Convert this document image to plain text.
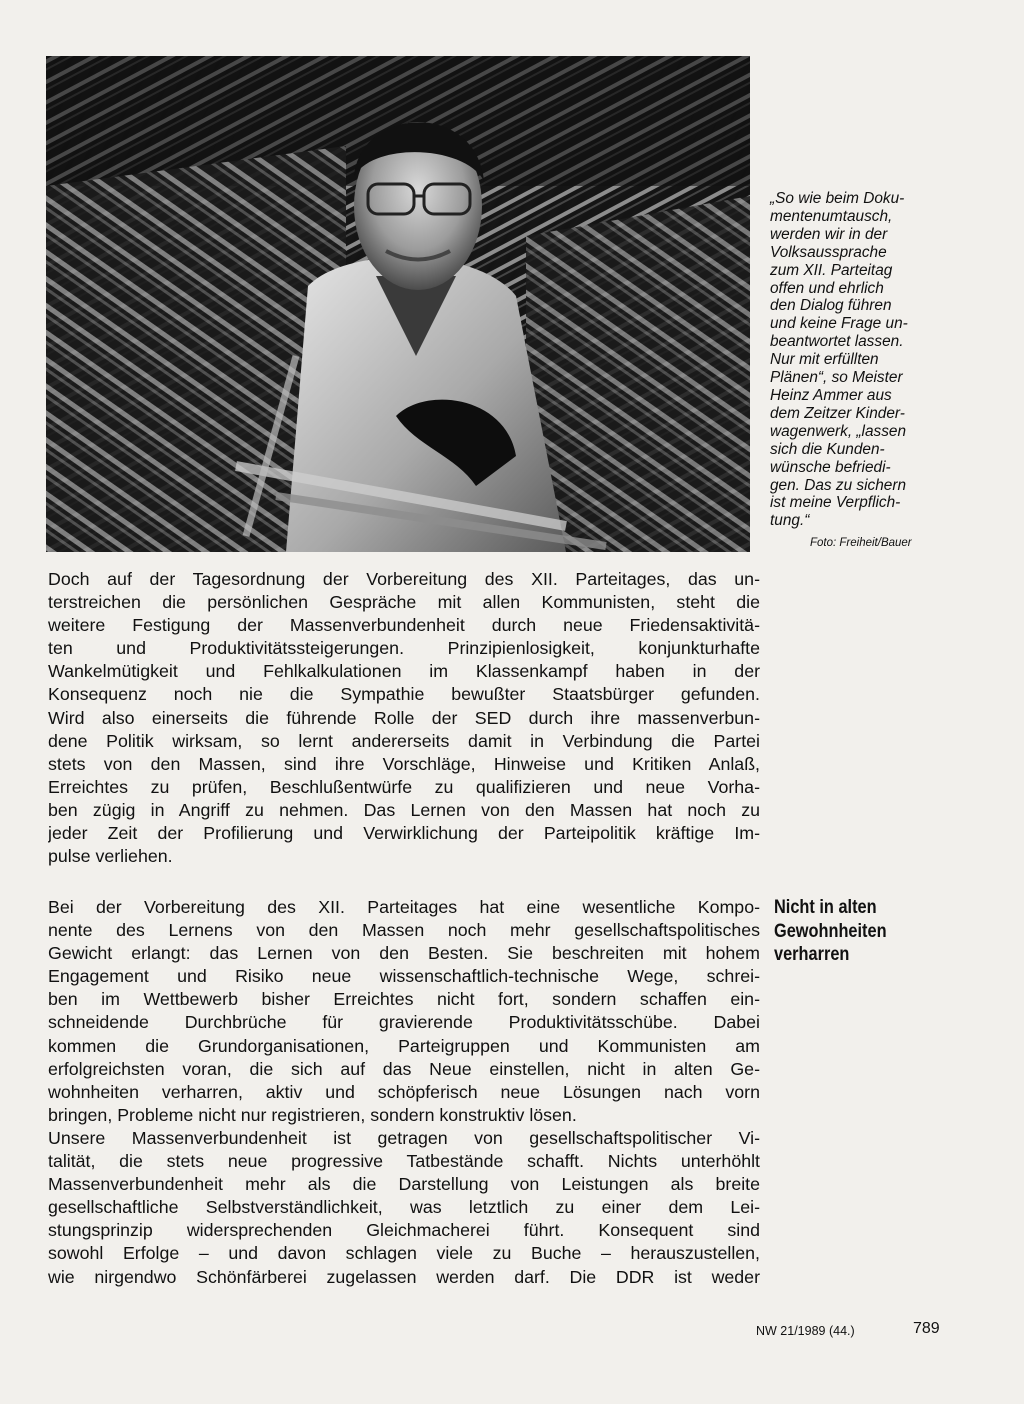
„So wie beim Doku-
mentenumtausch,
werden wir in der
Volksaussprache
zum XII. Parteitag
offen und ehrlich
den Dialog führen
und keine Frage un-
beantwortet lassen.
Nur mit erfüllten
Plänen“, so Meister
Heinz Ammer aus
dem Zeitzer Kinder-
wagenwerk, „lassen
sich die Kunden-
wünsche befriedi-
gen. Das zu sichern
ist meine Verpflich-
tung.“
Foto: Freiheit/Bauer
Doch auf der Tagesordnung der Vorbereitung des XII. Parteitages, das un-
terstreichen die persönlichen Gespräche mit allen Kommunisten, steht die
weitere Festigung der Massenverbundenheit durch neue Friedensaktivitä-
ten und Produktivitätssteigerungen. Prinzipienlosigkeit, konjunkturhafte
Wankelmütigkeit und Fehlkalkulationen im Klassenkampf haben in der
Konsequenz noch nie die Sympathie bewußter Staatsbürger gefunden.
Wird also einerseits die führende Rolle der SED durch ihre massenverbun-
dene Politik wirksam, so lernt andererseits damit in Verbindung die Partei
stets von den Massen, sind ihre Vorschläge, Hinweise und Kritiken Anlaß,
Erreichtes zu prüfen, Beschlußentwürfe zu qualifizieren und neue Vorha-
ben zügig in Angriff zu nehmen. Das Lernen von den Massen hat noch zu
jeder Zeit der Profilierung und Verwirklichung der Parteipolitik kräftige Im-
pulse verliehen.
Nicht in alten
Gewohnheiten
verharren
Bei der Vorbereitung des XII. Parteitages hat eine wesentliche Kompo-
nente des Lernens von den Massen noch mehr gesellschaftspolitisches
Gewicht erlangt: das Lernen von den Besten. Sie beschreiten mit hohem
Engagement und Risiko neue wissenschaftlich-technische Wege, schrei-
ben im Wettbewerb bisher Erreichtes nicht fort, sondern schaffen ein-
schneidende Durchbrüche für gravierende Produktivitätsschübe. Dabei
kommen die Grundorganisationen, Parteigruppen und Kommunisten am
erfolgreichsten voran, die sich auf das Neue einstellen, nicht in alten Ge-
wohnheiten verharren, aktiv und schöpferisch neue Lösungen nach vorn
bringen, Probleme nicht nur registrieren, sondern konstruktiv lösen.
Unsere Massenverbundenheit ist getragen von gesellschaftspolitischer Vi-
talität, die stets neue progressive Tatbestände schafft. Nichts unterhöhlt
Massenverbundenheit mehr als die Darstellung von Leistungen als breite
gesellschaftliche Selbstverständlichkeit, was letztlich zu einer dem Lei-
stungsprinzip widersprechenden Gleichmacherei führt. Konsequent sind
sowohl Erfolge – und davon schlagen viele zu Buche – herauszustellen,
wie nirgendwo Schönfärberei zugelassen werden darf. Die DDR ist weder
NW 21/1989 (44.)	789
